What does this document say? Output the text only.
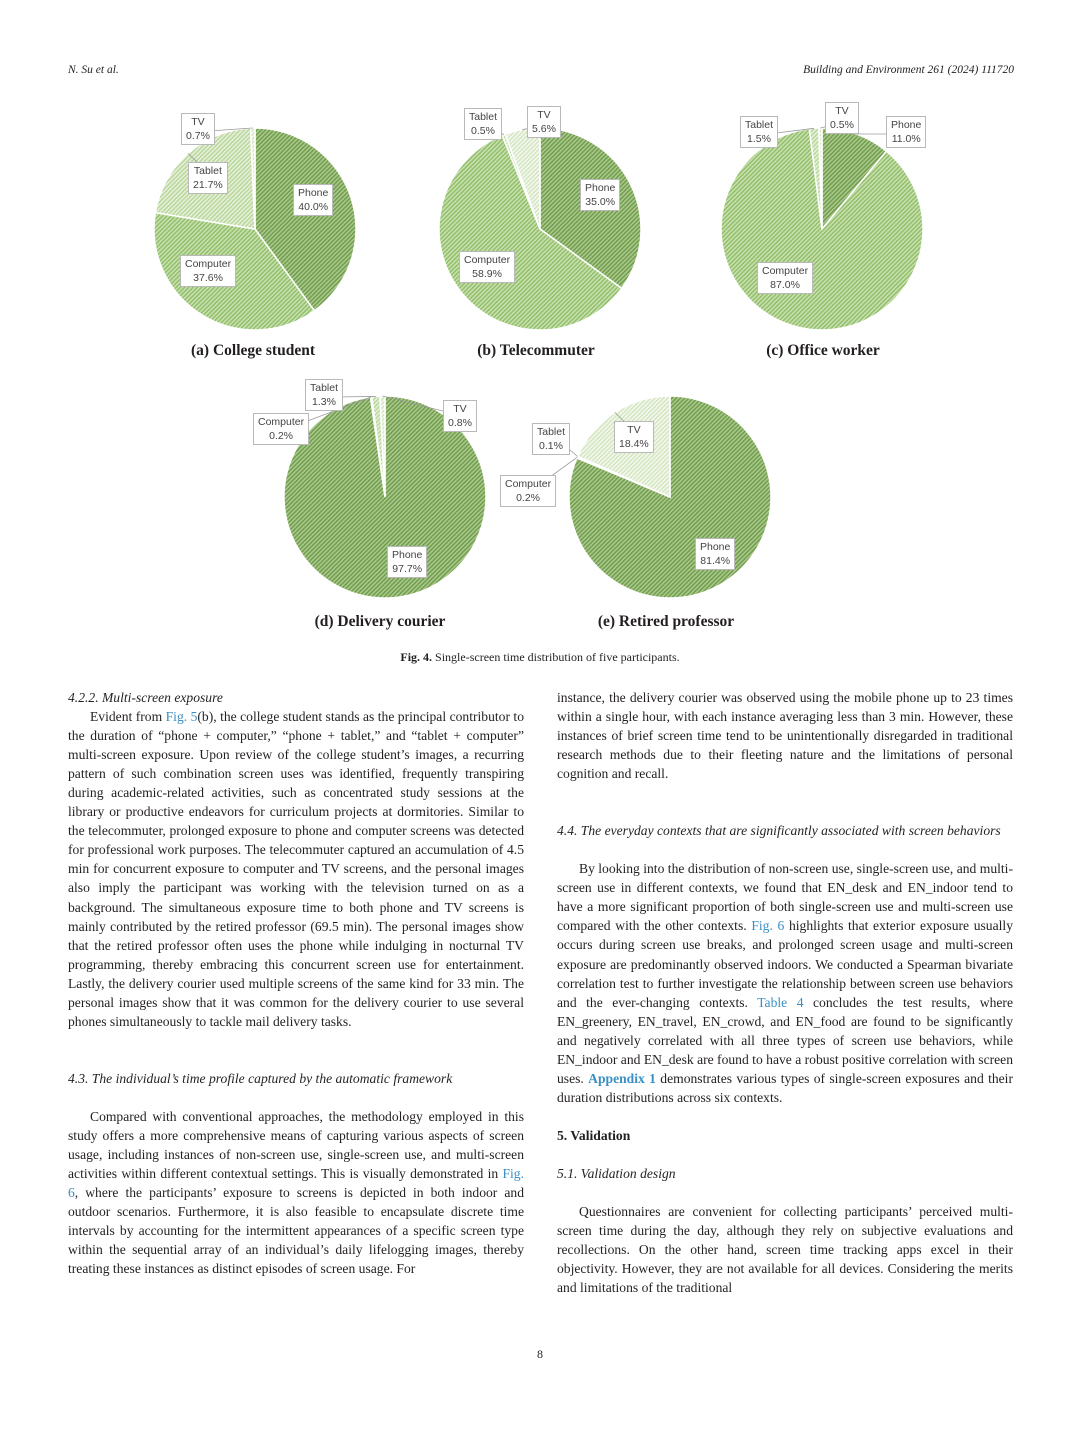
N. Su et al.	Building and Environment 261 (2024) 111720
Phone
40.0%
Computer
37.6%
Tablet
21.7%
TV
0.7%
(a) College student
Phone
35.0%
Computer
58.9%
Tablet
0.5%
TV
5.6%
(b) Telecommuter
Phone
11.0%
Computer
87.0%
Tablet
1.5%
TV
0.5%
(c) Office worker
Phone
97.7%
Computer
0.2%
Tablet
1.3%
TV
0.8%
(d) Delivery courier
Phone
81.4%
Computer
0.2%
Tablet
0.1%
TV
18.4%
(e) Retired professor
Fig. 4. Single-screen time distribution of five participants.

4.2.2. Multi-screen exposure

Evident from Fig. 5(b), the college student stands as the principal contributor to the duration of “phone + computer,” “phone + tablet,” and “tablet + computer” multi-screen exposure. Upon review of the college student’s images, a recurring pattern of such combination screen uses was identified, frequently transpiring during academic-related activities, such as concentrated study sessions at the library or productive endeavors for curriculum projects at dormitories. Similar to the telecommuter, prolonged exposure to phone and computer screens was detected for professional work purposes. The telecommuter captured an accumulation of 4.5 min for concurrent exposure to computer and TV screens, and the personal images also imply the participant was working with the television turned on as a background. The simultaneous exposure time to both phone and TV screens is mainly contributed by the retired professor (69.5 min). The personal images show that the retired professor often uses the phone while indulging in nocturnal TV programming, thereby embracing this concurrent screen use for entertainment. Lastly, the delivery courier used multiple screens of the same kind for 33 min. The personal images show that it was common for the delivery courier to use several phones simultaneously to tackle mail delivery tasks.

4.3. The individual’s time profile captured by the automatic framework

Compared with conventional approaches, the methodology employed in this study offers a more comprehensive means of capturing various aspects of screen usage, including instances of non-screen use, single-screen use, and multi-screen activities within different contextual settings. This is visually demonstrated in Fig. 6, where the participants’ exposure to screens is depicted in both indoor and outdoor scenarios. Furthermore, it is also feasible to encapsulate discrete time intervals by accounting for the intermittent appearances of a specific screen type within the sequential array of an individual’s daily lifelogging images, thereby treating these instances as distinct episodes of screen usage. For

instance, the delivery courier was observed using the mobile phone up to 23 times within a single hour, with each instance averaging less than 3 min. However, these instances of brief screen time tend to be unintentionally disregarded in traditional research methods due to their fleeting nature and the limitations of personal cognition and recall.

4.4. The everyday contexts that are significantly associated with screen behaviors

By looking into the distribution of non-screen use, single-screen use, and multi-screen use in different contexts, we found that EN_desk and EN_indoor tend to have a more significant proportion of both single-screen use and multi-screen use compared with the other contexts. Fig. 6 highlights that exterior exposure usually occurs during screen use breaks, and prolonged screen usage and multi-screen exposure are predominantly observed indoors. We conducted a Spearman bivariate correlation test to further investigate the relationship between screen use behaviors and the ever-changing contexts. Table 4 concludes the test results, where EN_greenery, EN_travel, EN_crowd, and EN_food are found to be significantly and negatively correlated with all three types of screen use behaviors, while EN_indoor and EN_desk are found to have a robust positive correlation with screen uses. Appendix 1 demonstrates various types of single-screen exposures and their duration distributions across six contexts.

5. Validation

5.1. Validation design

Questionnaires are convenient for collecting participants’ perceived multi-screen time during the day, although they rely on subjective evaluations and recollections. On the other hand, screen time tracking apps excel in their objectivity. However, they are not available for all devices. Considering the merits and limitations of the traditional

8
